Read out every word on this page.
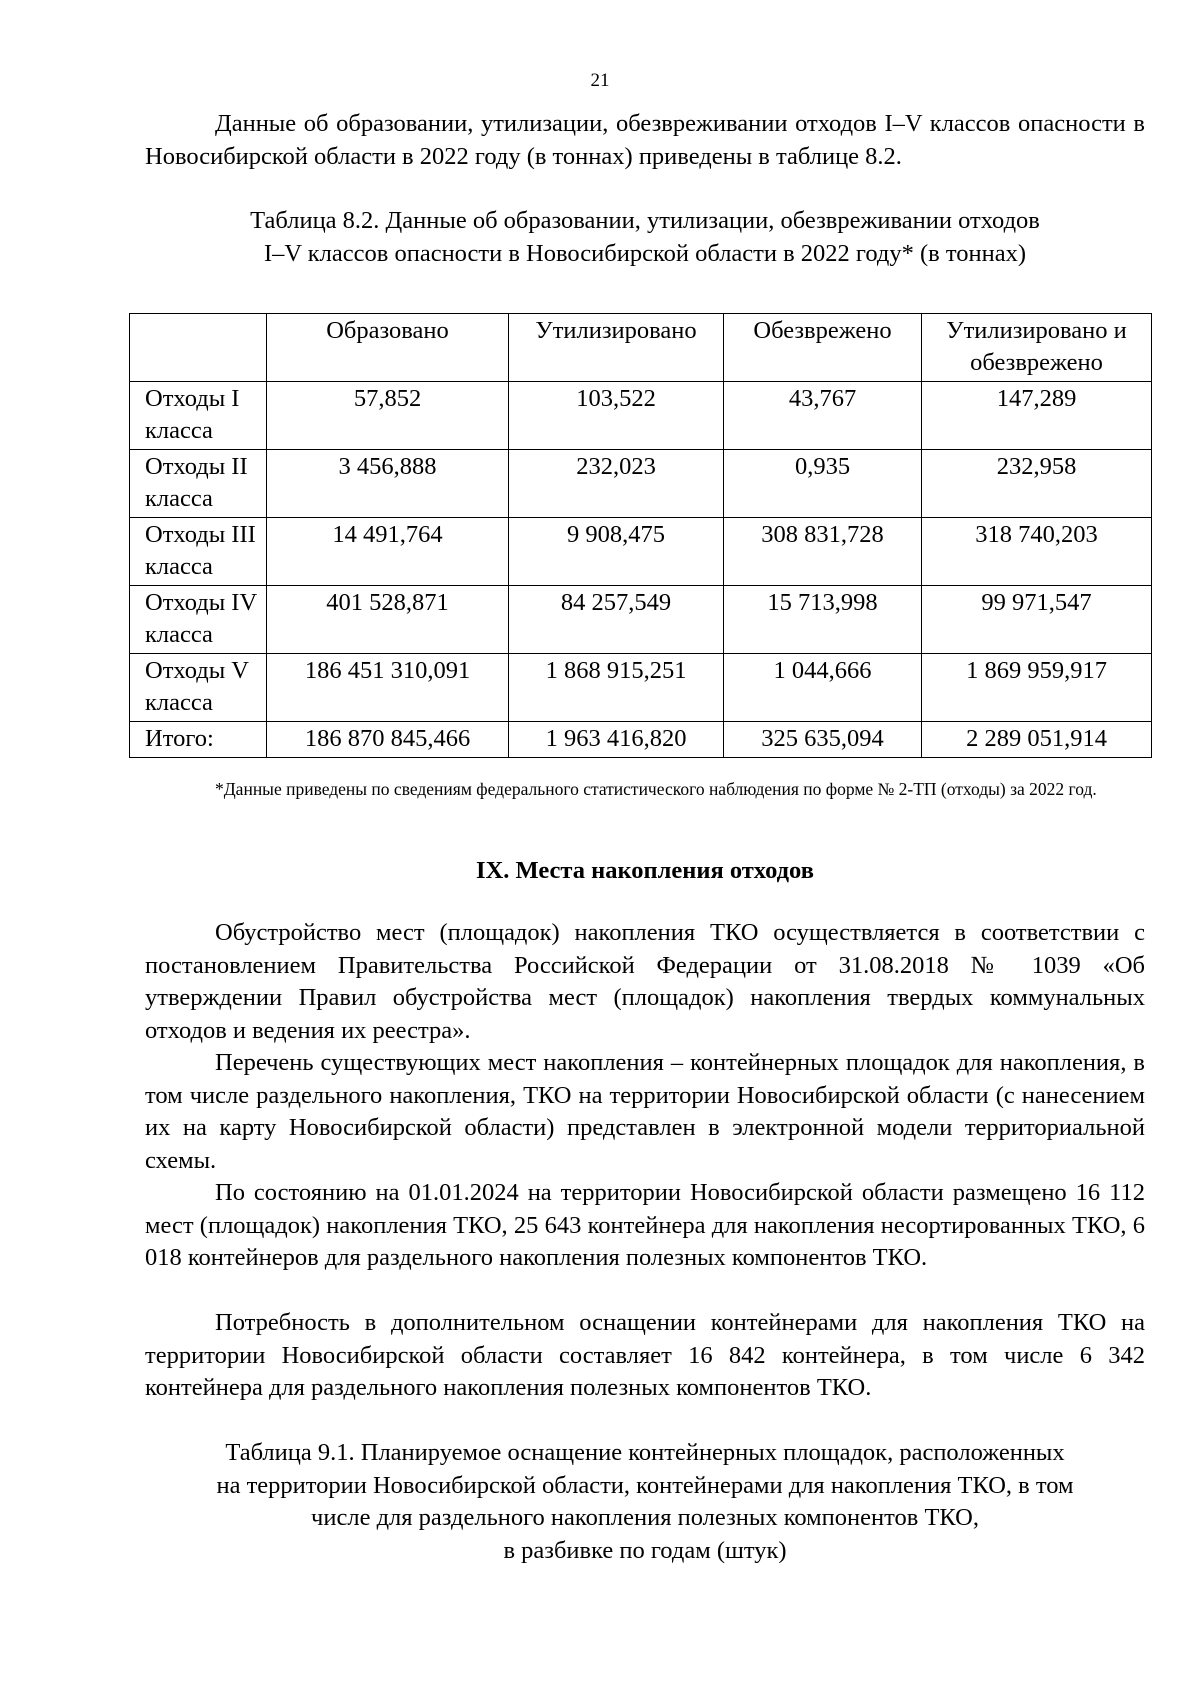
21
Данные об образовании, утилизации, обезвреживании отходов I–V классов опасности в Новосибирской области в 2022 году (в тоннах) приведены в таблице 8.2.
Таблица 8.2. Данные об образовании, утилизации, обезвреживании отходов
I–V классов опасности в Новосибирской области в 2022 году* (в тоннах)
	Образовано	Утилизировано	Обезврежено	Утилизировано и обезврежено
Отходы I класса	57,852	103,522	43,767	147,289
Отходы II класса	3 456,888	232,023	0,935	232,958
Отходы III класса	14 491,764	9 908,475	308 831,728	318 740,203
Отходы IV класса	401 528,871	84 257,549	15 713,998	99 971,547
Отходы V класса	186 451 310,091	1 868 915,251	1 044,666	1 869 959,917
Итого:	186 870 845,466	1 963 416,820	325 635,094	2 289 051,914
*Данные приведены по сведениям федерального статистического наблюдения по форме № 2-ТП (отходы) за 2022 год.
IX. Места накопления отходов
Обустройство мест (площадок) накопления ТКО осуществляется в соответствии с постановлением Правительства Российской Федерации от 31.08.2018 № 1039 «Об утверждении Правил обустройства мест (площадок) накопления твердых коммунальных отходов и ведения их реестра».
Перечень существующих мест накопления – контейнерных площадок для накопления, в том числе раздельного накопления, ТКО на территории Новосибирской области (с нанесением их на карту Новосибирской области) представлен в электронной модели территориальной схемы.
По состоянию на 01.01.2024 на территории Новосибирской области размещено 16 112 мест (площадок) накопления ТКО, 25 643 контейнера для накопления несортированных ТКО, 6 018 контейнеров для раздельного накопления полезных компонентов ТКО.
Потребность в дополнительном оснащении контейнерами для накопления ТКО на территории Новосибирской области составляет 16 842 контейнера, в том числе 6 342 контейнера для раздельного накопления полезных компонентов ТКО.
Таблица 9.1. Планируемое оснащение контейнерных площадок, расположенных
на территории Новосибирской области, контейнерами для накопления ТКО, в том
числе для раздельного накопления полезных компонентов ТКО,
в разбивке по годам (штук)
